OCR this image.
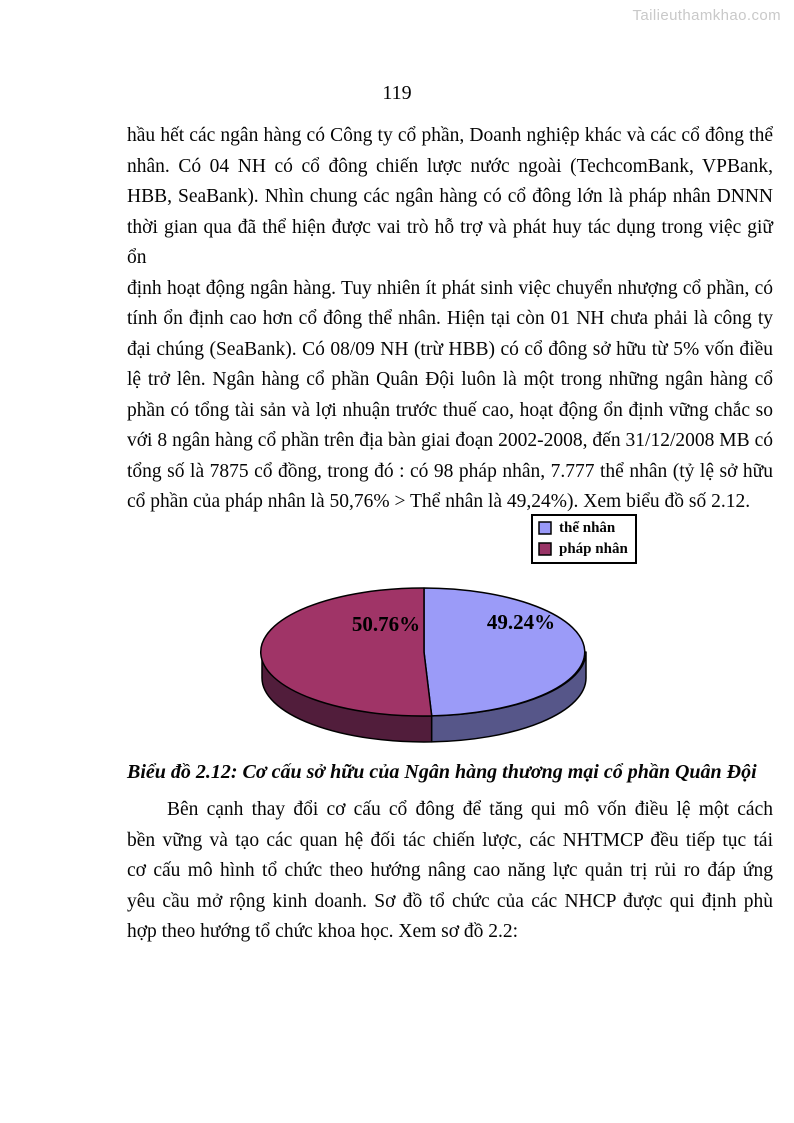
Tailieuthamkhao.com
119
hầu hết các ngân hàng có Công ty cổ phần, Doanh nghiệp khác và các cổ đông thể
nhân. Có 04 NH có cổ đông chiến lược nước ngoài (TechcomBank, VPBank,
HBB, SeaBank). Nhìn chung các ngân hàng có cổ đông lớn là pháp nhân DNNN
thời gian qua đã thể hiện được vai trò hỗ trợ và phát huy tác dụng trong việc giữ ổn
định hoạt động ngân hàng. Tuy nhiên ít phát sinh việc chuyển nhượng cổ phần, có
tính ổn định cao hơn cổ đông thể nhân. Hiện tại còn 01 NH chưa phải là công ty
đại chúng (SeaBank). Có 08/09 NH (trừ HBB) có cổ đông sở hữu từ 5% vốn điều
lệ trở lên. Ngân hàng cổ phần Quân Đội luôn là một trong những ngân hàng cổ
phần có tổng tài sản và lợi nhuận trước thuế cao, hoạt động ổn định vững chắc so
với 8 ngân hàng cổ phần trên địa bàn giai đoạn 2002-2008, đến 31/12/2008 MB có
tổng số là 7875 cổ đồng, trong đó : có 98 pháp nhân, 7.777 thể nhân (tỷ lệ sở hữu
cổ phần của pháp nhân là 50,76% > Thể nhân là 49,24%). Xem biểu đồ số 2.12.
thể nhân
pháp nhân
50.76%	49.24%
Biểu đồ 2.12: Cơ cấu sở hữu của Ngân hàng thương mại cổ phần Quân Đội
Bên cạnh thay đổi cơ cấu cổ đông để tăng qui mô vốn điều lệ một cách
bền vững và tạo các quan hệ đối tác chiến lược, các NHTMCP đều tiếp tục tái
cơ cấu mô hình tổ chức theo hướng nâng cao năng lực quản trị rủi ro đáp ứng
yêu cầu mở rộng kinh doanh. Sơ đồ tổ chức của các NHCP được qui định phù
hợp theo hướng tổ chức khoa học. Xem sơ đồ 2.2:
